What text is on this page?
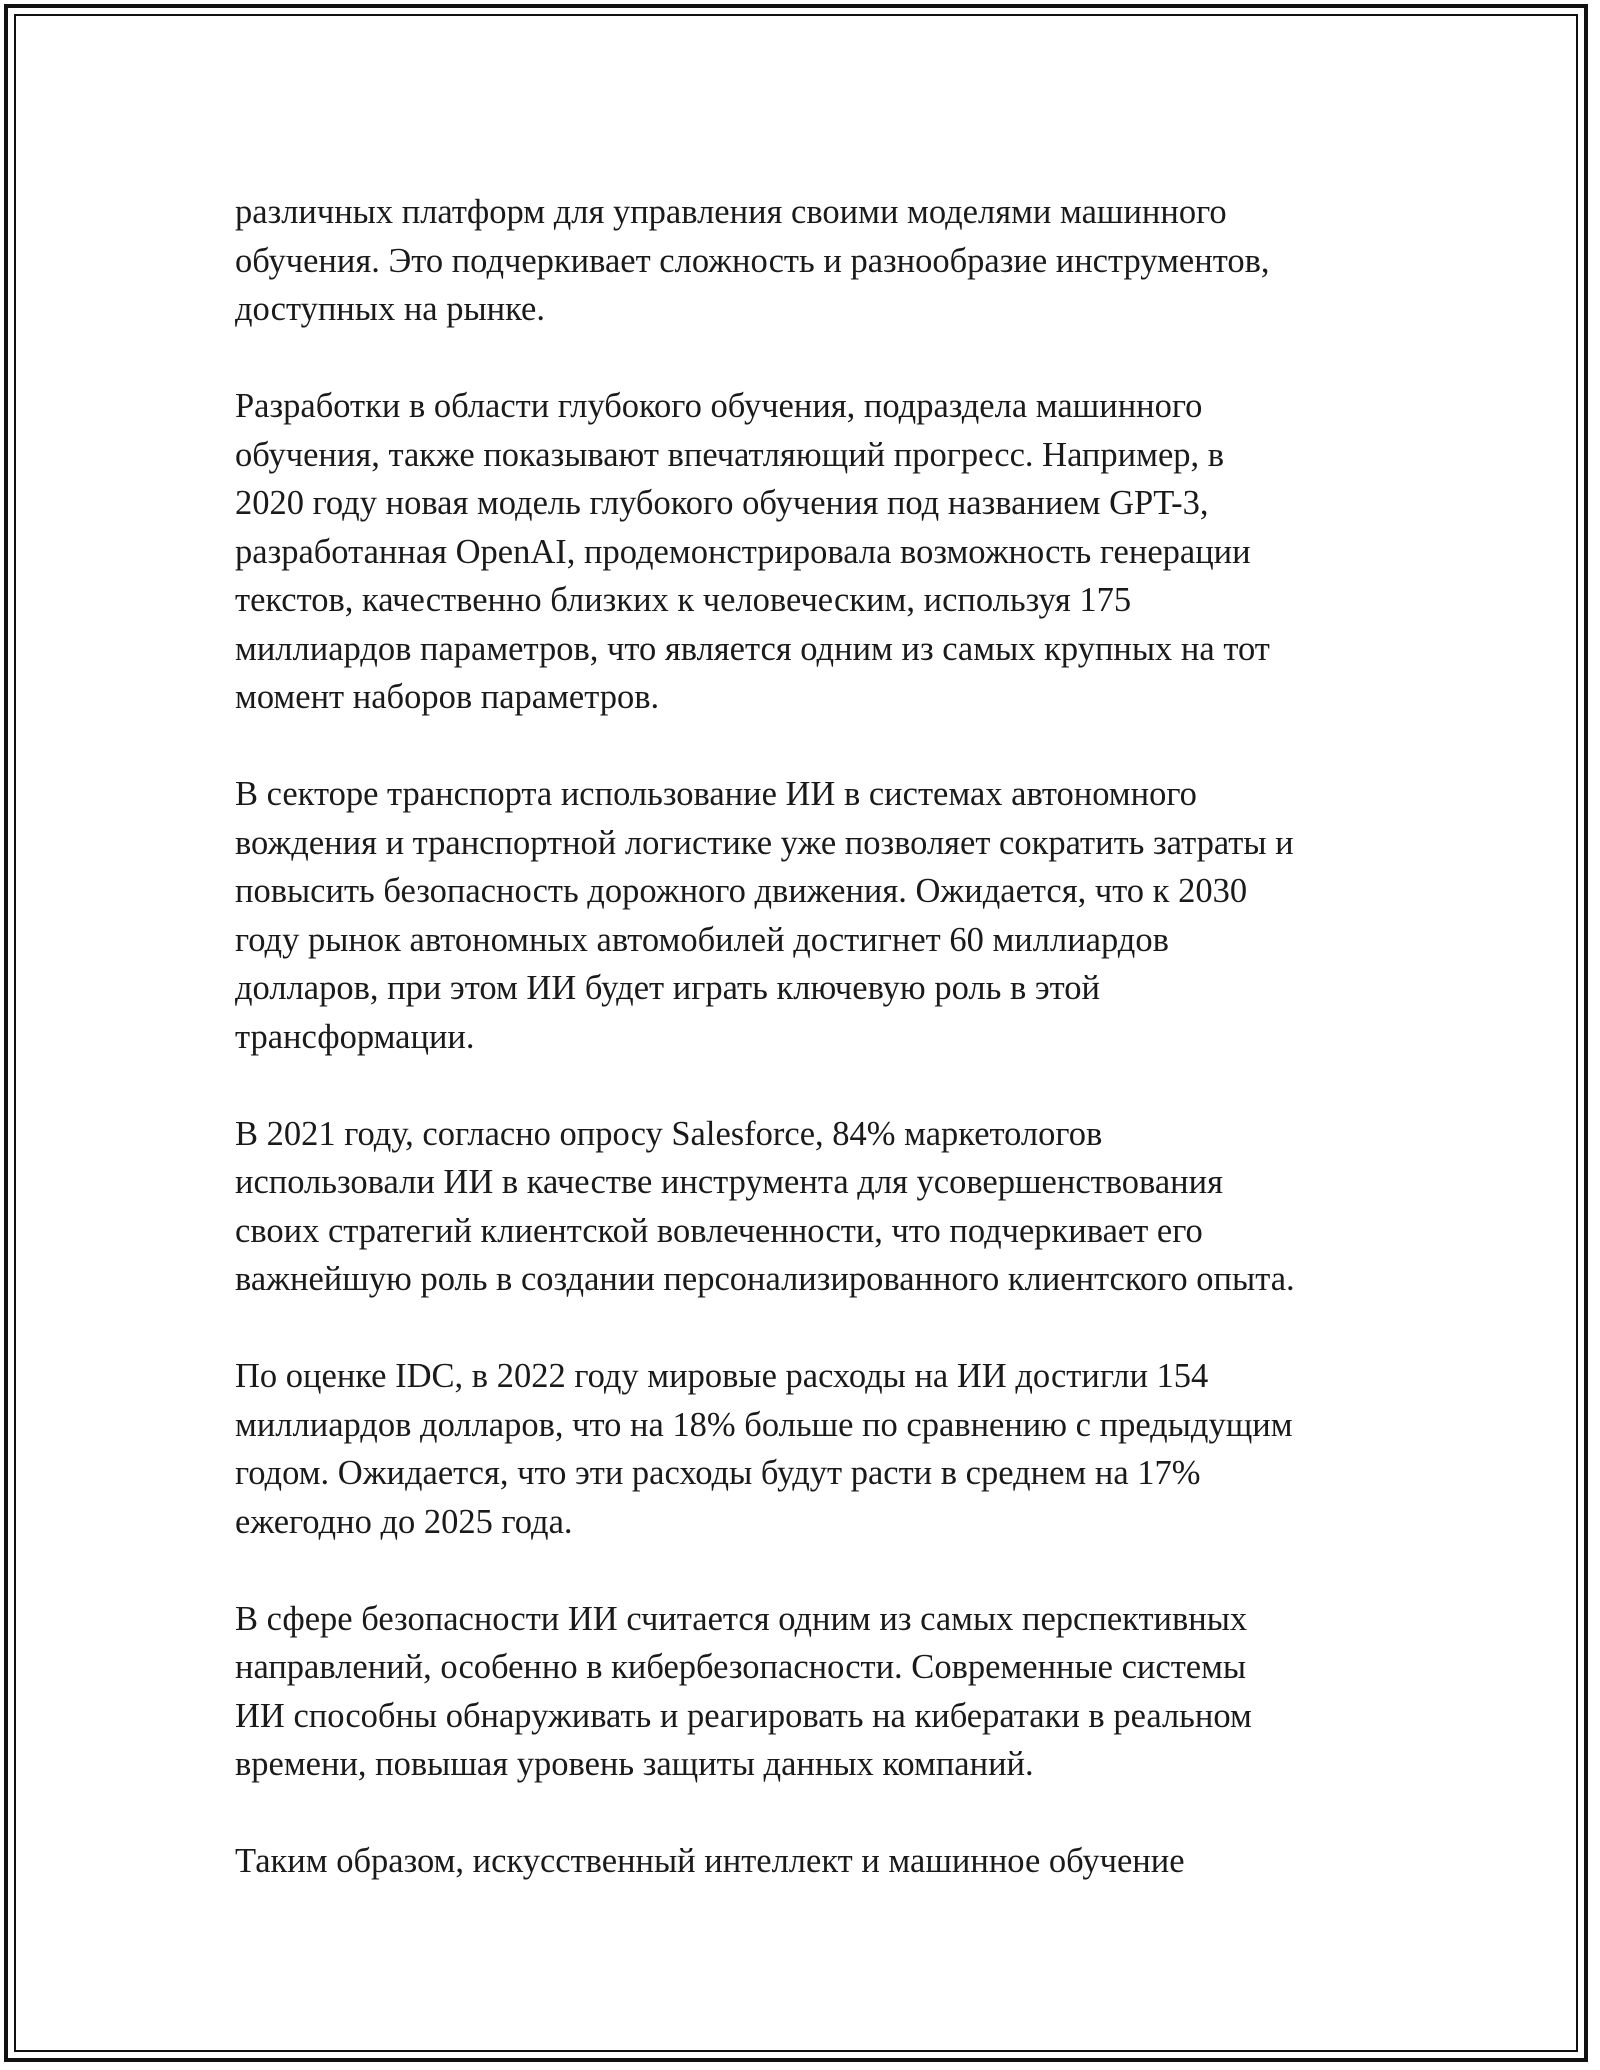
различных платформ для управления своими моделями машинного
обучения. Это подчеркивает сложность и разнообразие инструментов,
доступных на рынке.

Разработки в области глубокого обучения, подраздела машинного
обучения, также показывают впечатляющий прогресс. Например, в
2020 году новая модель глубокого обучения под названием GPT-3,
разработанная OpenAI, продемонстрировала возможность генерации
текстов, качественно близких к человеческим, используя 175
миллиардов параметров, что является одним из самых крупных на тот
момент наборов параметров.

В секторе транспорта использование ИИ в системах автономного
вождения и транспортной логистике уже позволяет сократить затраты и
повысить безопасность дорожного движения. Ожидается, что к 2030
году рынок автономных автомобилей достигнет 60 миллиардов
долларов, при этом ИИ будет играть ключевую роль в этой
трансформации.

В 2021 году, согласно опросу Salesforce, 84% маркетологов
использовали ИИ в качестве инструмента для усовершенствования
своих стратегий клиентской вовлеченности, что подчеркивает его
важнейшую роль в создании персонализированного клиентского опыта.

По оценке IDC, в 2022 году мировые расходы на ИИ достигли 154
миллиардов долларов, что на 18% больше по сравнению с предыдущим
годом. Ожидается, что эти расходы будут расти в среднем на 17%
ежегодно до 2025 года.

В сфере безопасности ИИ считается одним из самых перспективных
направлений, особенно в кибербезопасности. Современные системы
ИИ способны обнаруживать и реагировать на кибератаки в реальном
времени, повышая уровень защиты данных компаний.

Таким образом, искусственный интеллект и машинное обучение
